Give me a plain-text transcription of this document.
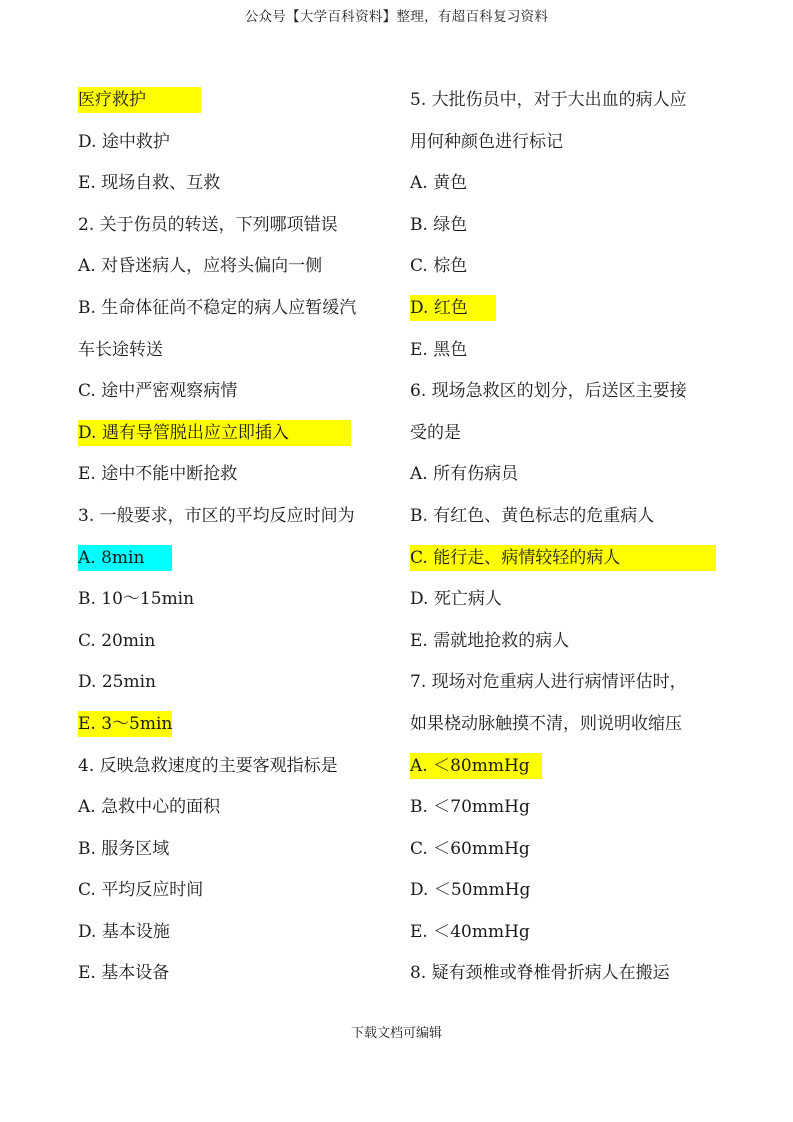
公众号【大学百科资料】整理，有超百科复习资料
医疗救护
D. 途中救护
E. 现场自救、互救
2. 关于伤员的转送，下列哪项错误
A. 对昏迷病人，应将头偏向一侧
B. 生命体征尚不稳定的病人应暂缓汽
车长途转送
C. 途中严密观察病情
D. 遇有导管脱出应立即插入
E. 途中不能中断抢救
3. 一般要求，市区的平均反应时间为
A. 8min
B. 10～15min
C. 20min
D. 25min
E. 3～5min
4. 反映急救速度的主要客观指标是
A. 急救中心的面积
B. 服务区域
C. 平均反应时间
D. 基本设施
E. 基本设备
5. 大批伤员中，对于大出血的病人应
用何种颜色进行标记
A. 黄色
B. 绿色
C. 棕色
D. 红色
E. 黑色
6. 现场急救区的划分，后送区主要接
受的是
A. 所有伤病员
B. 有红色、黄色标志的危重病人
C. 能行走、病情较轻的病人
D. 死亡病人
E. 需就地抢救的病人
7. 现场对危重病人进行病情评估时，
如果桡动脉触摸不清，则说明收缩压
A. ＜80mmHg
B. ＜70mmHg
C. ＜60mmHg
D. ＜50mmHg
E. ＜40mmHg
8. 疑有颈椎或脊椎骨折病人在搬运
下载文档可编辑
